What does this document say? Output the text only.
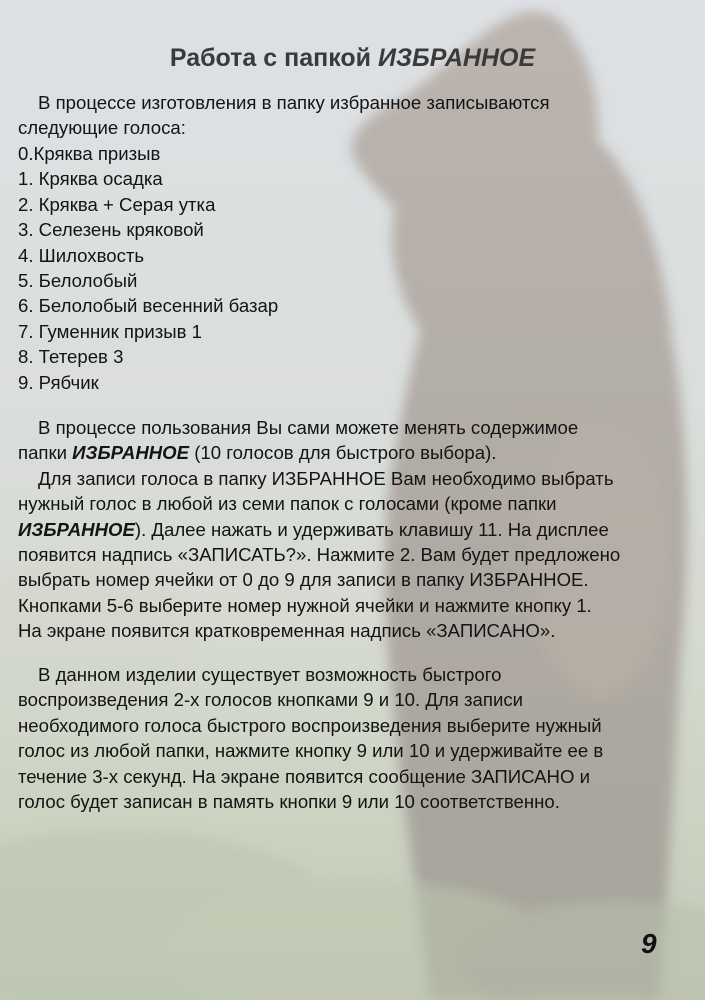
Работа с папкой ИЗБРАННОЕ
В процессе изготовления в папку избранное записываются
следующие голоса:
0.Кряква призыв
1. Кряква осадка
2. Кряква + Серая утка
3. Селезень кряковой
4. Шилохвость
5. Белолобый
6. Белолобый весенний базар
7. Гуменник призыв 1
8. Тетерев 3
9. Рябчик
В процессе пользования Вы сами можете менять содержимое
папки ИЗБРАННОЕ (10 голосов для быстрого выбора).
Для записи голоса в папку ИЗБРАННОЕ Вам необходимо выбрать
нужный голос в любой из семи папок с голосами (кроме папки
ИЗБРАННОЕ). Далее нажать и удерживать клавишу 11. На дисплее
появится надпись «ЗАПИСАТЬ?». Нажмите 2. Вам будет предложено
выбрать номер ячейки от 0 до 9 для записи в папку ИЗБРАННОЕ.
Кнопками 5-6 выберите номер нужной ячейки и нажмите кнопку 1.
На экране появится кратковременная надпись «ЗАПИСАНО».
В данном изделии существует возможность быстрого
воспроизведения 2-х голосов кнопками 9 и 10. Для записи
необходимого голоса быстрого воспроизведения выберите нужный
голос из любой папки, нажмите кнопку 9 или 10 и удерживайте ее в
течение 3-х секунд. На экране появится сообщение ЗАПИСАНО и
голос будет записан в память кнопки 9 или 10 соответственно.
9
